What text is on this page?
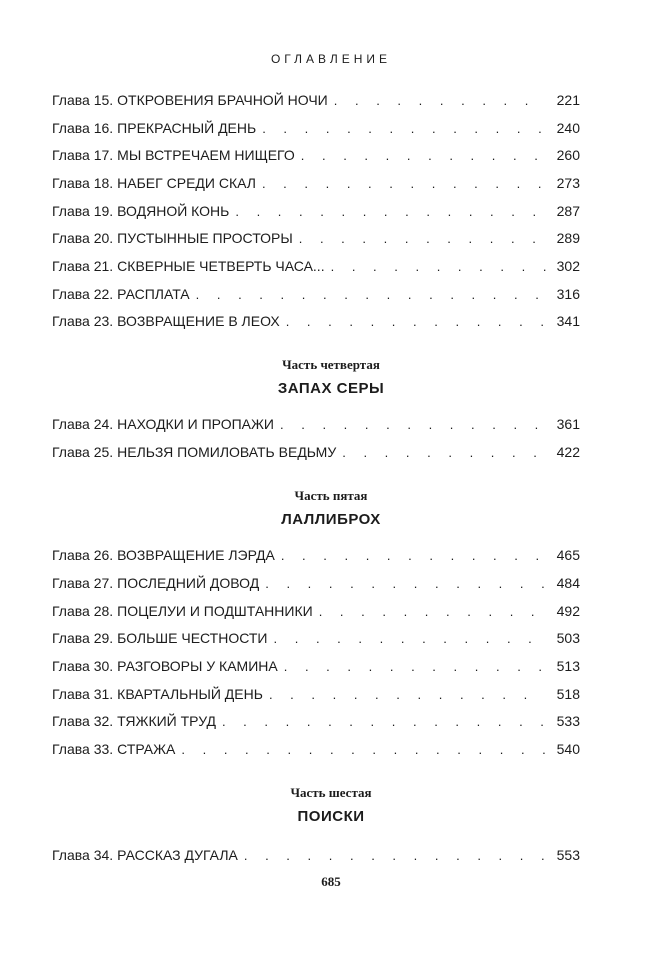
ОГЛАВЛЕНИЕ
Глава 15. ОТКРОВЕНИЯ БРАЧНОЙ НОЧИ . . .	221
Глава 16. ПРЕКРАСНЫЙ ДЕНЬ . . .	240
Глава 17. МЫ ВСТРЕЧАЕМ НИЩЕГО . . .	260
Глава 18. НАБЕГ СРЕДИ СКАЛ . . .	273
Глава 19. ВОДЯНОЙ КОНЬ . . .	287
Глава 20. ПУСТЫННЫЕ ПРОСТОРЫ . . .	289
Глава 21. СКВЕРНЫЕ ЧЕТВЕРТЬ ЧАСА... . . .	302
Глава 22. РАСПЛАТА . . .	316
Глава 23. ВОЗВРАЩЕНИЕ В ЛЕОХ . . .	341
Часть четвертая
ЗАПАХ СЕРЫ
Глава 24. НАХОДКИ И ПРОПАЖИ . . .	361
Глава 25. НЕЛЬЗЯ ПОМИЛОВАТЬ ВЕДЬМУ . . .	422
Часть пятая
ЛАЛЛИБРОХ
Глава 26. ВОЗВРАЩЕНИЕ ЛЭРДА . . .	465
Глава 27. ПОСЛЕДНИЙ ДОВОД . . .	484
Глава 28. ПОЦЕЛУИ И ПОДШТАННИКИ . . .	492
Глава 29. БОЛЬШЕ ЧЕСТНОСТИ . . .	503
Глава 30. РАЗГОВОРЫ У КАМИНА . . .	513
Глава 31. КВАРТАЛЬНЫЙ ДЕНЬ . . .	518
Глава 32. ТЯЖКИЙ ТРУД . . .	533
Глава 33. СТРАЖА . . .	540
Часть шестая
ПОИСКИ
Глава 34. РАССКАЗ ДУГАЛА . . .	553
685
